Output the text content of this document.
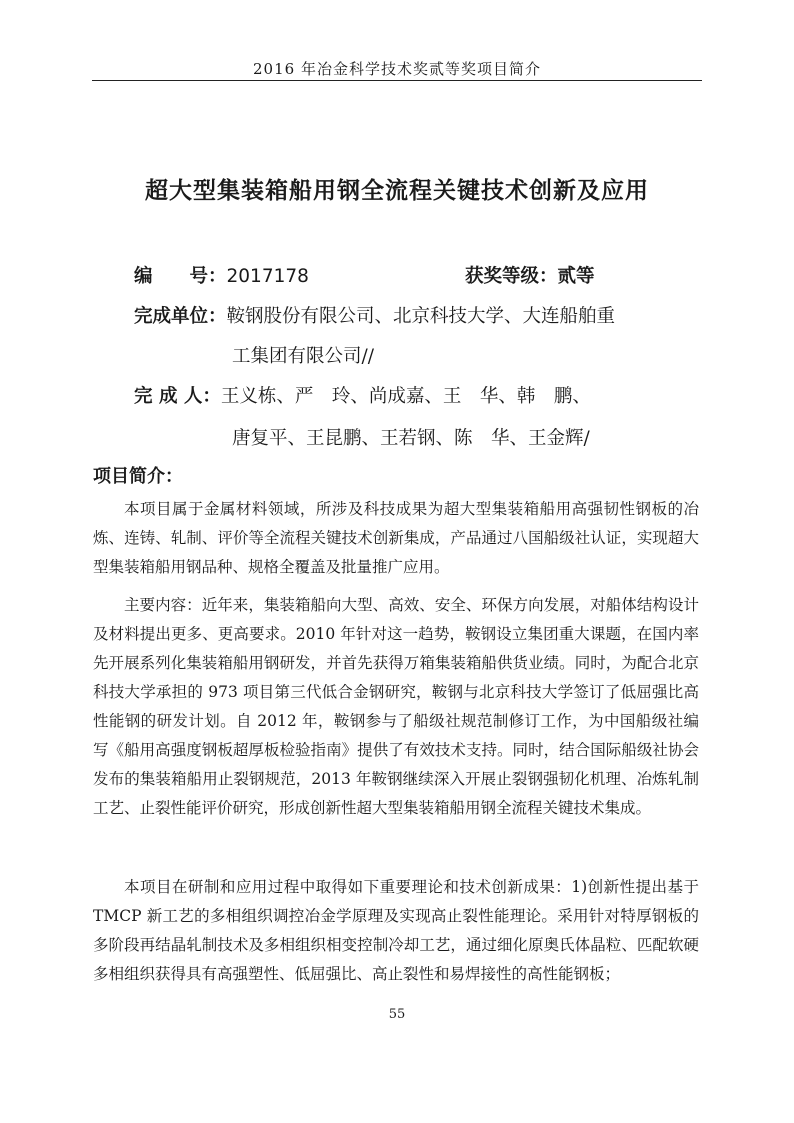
2016 年冶金科学技术奖贰等奖项目简介
超大型集装箱船用钢全流程关键技术创新及应用
编　　号：2017178	获奖等级：贰等
完成单位：鞍钢股份有限公司、北京科技大学、大连船舶重
工集团有限公司//
完 成 人：王义栋、严　玲、尚成嘉、王　华、韩　鹏、
唐复平、王昆鹏、王若钢、陈　华、王金辉/
项目简介：

本项目属于金属材料领域，所涉及科技成果为超大型集装箱船用高强韧性钢板的冶炼、连铸、轧制、评价等全流程关键技术创新集成，产品通过八国船级社认证，实现超大型集装箱船用钢品种、规格全覆盖及批量推广应用。

主要内容：近年来，集装箱船向大型、高效、安全、环保方向发展，对船体结构设计及材料提出更多、更高要求。2010 年针对这一趋势，鞍钢设立集团重大课题，在国内率先开展系列化集装箱船用钢研发，并首先获得万箱集装箱船供货业绩。同时，为配合北京科技大学承担的 973 项目第三代低合金钢研究，鞍钢与北京科技大学签订了低屈强比高性能钢的研发计划。自 2012 年，鞍钢参与了船级社规范制修订工作，为中国船级社编写《船用高强度钢板超厚板检验指南》提供了有效技术支持。同时，结合国际船级社协会发布的集装箱船用止裂钢规范，2013 年鞍钢继续深入开展止裂钢强韧化机理、冶炼轧制工艺、止裂性能评价研究，形成创新性超大型集装箱船用钢全流程关键技术集成。

本项目在研制和应用过程中取得如下重要理论和技术创新成果：1)创新性提出基于 TMCP 新工艺的多相组织调控冶金学原理及实现高止裂性能理论。采用针对特厚钢板的多阶段再结晶轧制技术及多相组织相变控制冷却工艺，通过细化原奥氏体晶粒、匹配软硬多相组织获得具有高强塑性、低屈强比、高止裂性和易焊接性的高性能钢板；

55
